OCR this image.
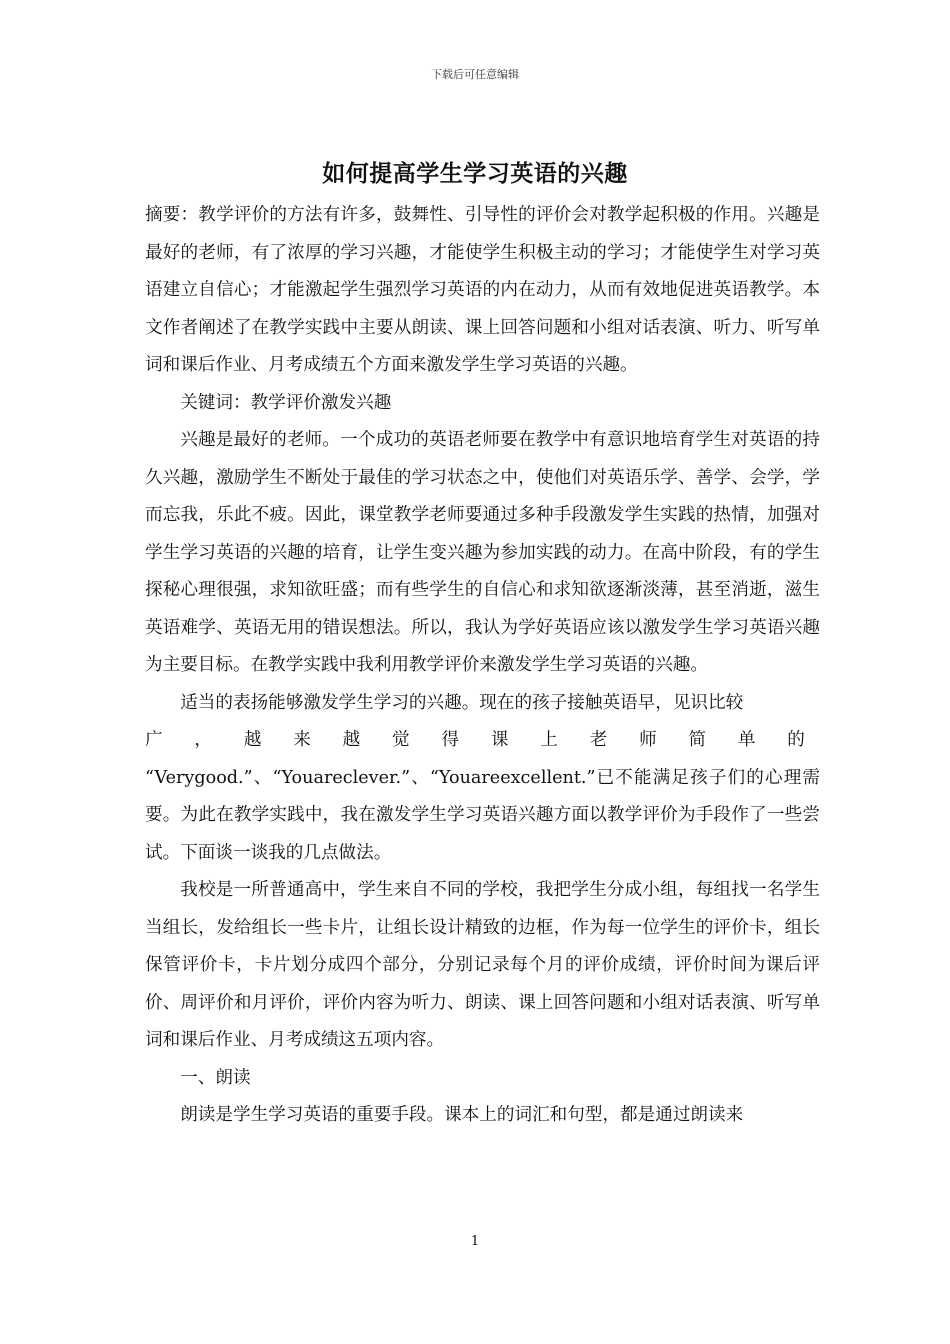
下载后可任意编辑
如何提高学生学习英语的兴趣

摘要：教学评价的方法有许多，鼓舞性、引导性的评价会对教学起积极的作用。兴趣是最好的老师，有了浓厚的学习兴趣，才能使学生积极主动的学习；才能使学生对学习英语建立自信心；才能激起学生强烈学习英语的内在动力，从而有效地促进英语教学。本文作者阐述了在教学实践中主要从朗读、课上回答问题和小组对话表演、听力、听写单词和课后作业、月考成绩五个方面来激发学生学习英语的兴趣。

关键词：教学评价激发兴趣

兴趣是最好的老师。一个成功的英语老师要在教学中有意识地培育学生对英语的持久兴趣，激励学生不断处于最佳的学习状态之中，使他们对英语乐学、善学、会学，学而忘我，乐此不疲。因此，课堂教学老师要通过多种手段激发学生实践的热情，加强对学生学习英语的兴趣的培育，让学生变兴趣为参加实践的动力。在高中阶段，有的学生探秘心理很强，求知欲旺盛；而有些学生的自信心和求知欲逐渐淡薄，甚至消逝，滋生英语难学、英语无用的错误想法。所以，我认为学好英语应该以激发学生学习英语兴趣为主要目标。在教学实践中我利用教学评价来激发学生学习英语的兴趣。

适当的表扬能够激发学生学习的兴趣。现在的孩子接触英语早，见识比较

广 ， 越 来 越 觉 得 课 上 老 师 简 单 的

“Verygood.”、“Youareclever.”、“Youareexcellent.”已不能满足孩子们的心理需要。为此在教学实践中，我在激发学生学习英语兴趣方面以教学评价为手段作了一些尝试。下面谈一谈我的几点做法。

我校是一所普通高中，学生来自不同的学校，我把学生分成小组，每组找一名学生当组长，发给组长一些卡片，让组长设计精致的边框，作为每一位学生的评价卡，组长保管评价卡，卡片划分成四个部分，分别记录每个月的评价成绩，评价时间为课后评价、周评价和月评价，评价内容为听力、朗读、课上回答问题和小组对话表演、听写单词和课后作业、月考成绩这五项内容。

一、朗读

朗读是学生学习英语的重要手段。课本上的词汇和句型，都是通过朗读来

1
